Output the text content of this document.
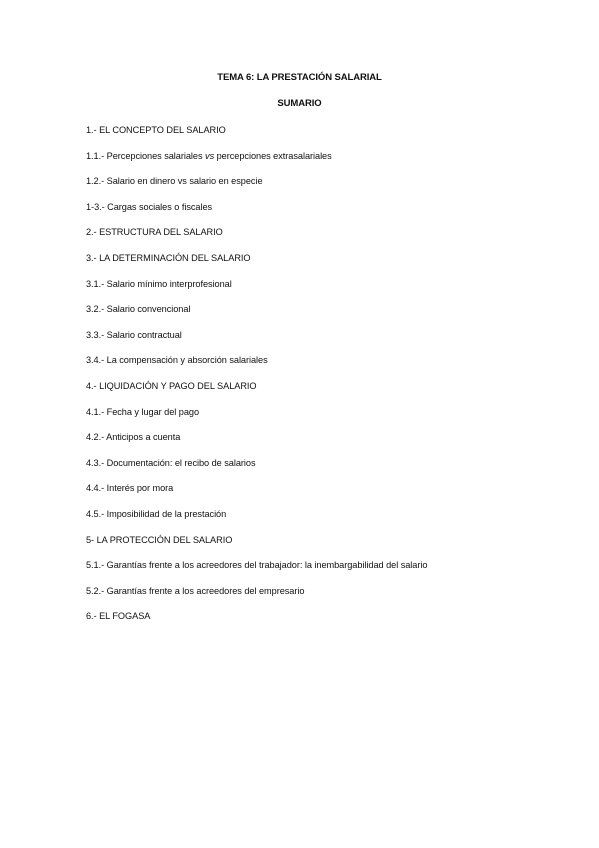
TEMA 6: LA PRESTACIÓN SALARIAL
SUMARIO
1.- EL CONCEPTO DEL SALARIO
1.1.- Percepciones salariales vs percepciones extrasalariales
1.2.- Salario en dinero vs salario en especie
1-3.- Cargas sociales o fiscales
2.- ESTRUCTURA DEL SALARIO
3.- LA DETERMINACIÓN DEL SALARIO
3.1.- Salario mínimo interprofesional
3.2.- Salario convencional
3.3.- Salario contractual
3.4.- La compensación y absorción salariales
4.- LIQUIDACIÓN Y PAGO DEL SALARIO
4.1.- Fecha y lugar del pago
4.2.- Anticipos a cuenta
4.3.- Documentación: el recibo de salarios
4.4.- Interés por mora
4.5.- Imposibilidad de la prestación
5- LA PROTECCIÓN DEL SALARIO
5.1.- Garantías frente a los acreedores del trabajador: la inembargabilidad del salario
5.2.- Garantías frente a los acreedores del empresario
6.- EL FOGASA
